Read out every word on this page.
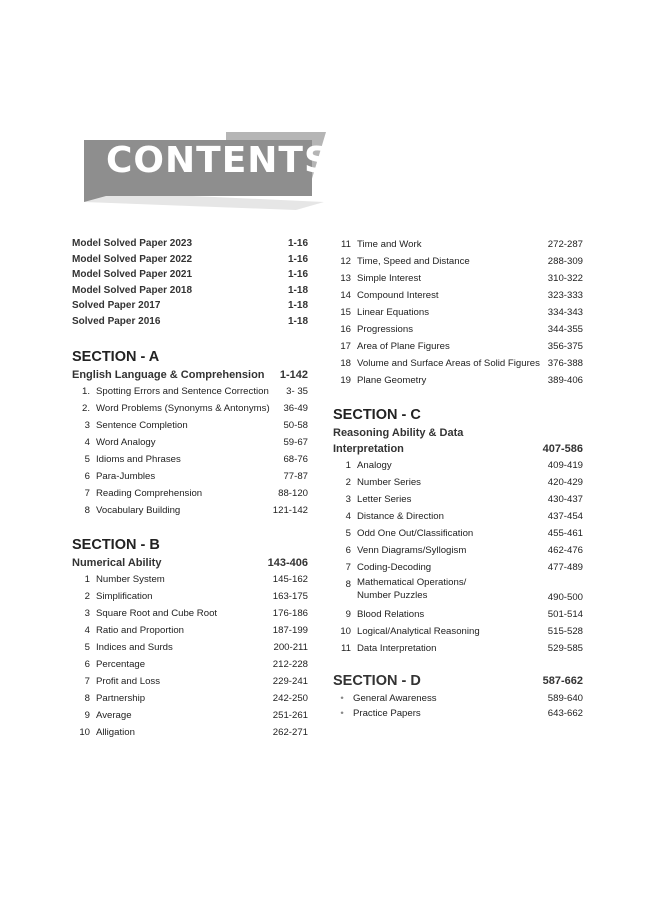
CONTENTS
Model Solved Paper 2023	1-16
Model Solved Paper 2022	1-16
Model Solved Paper 2021	1-16
Model Solved Paper 2018	1-18
Solved Paper 2017	1-18
Solved Paper 2016	1-18
SECTION - A
English Language & Comprehension 1-142
1. Spotting Errors and Sentence Correction 3- 35
2. Word Problems (Synonyms & Antonyms) 36-49
3 Sentence Completion	50-58
4 Word Analogy	59-67
5 Idioms and Phrases	68-76
6 Para-Jumbles	77-87
7 Reading Comprehension	88-120
8 Vocabulary Building	121-142
SECTION - B
Numerical Ability	143-406
1 Number System	145-162
2 Simplification	163-175
3 Square Root and Cube Root	176-186
4 Ratio and Proportion	187-199
5 Indices and Surds	200-211
6 Percentage	212-228
7 Profit and Loss	229-241
8 Partnership	242-250
9 Average	251-261
10 Alligation	262-271
11 Time and Work	272-287
12 Time, Speed and Distance	288-309
13 Simple Interest	310-322
14 Compound Interest	323-333
15 Linear Equations	334-343
16 Progressions	344-355
17 Area of Plane Figures	356-375
18 Volume and Surface Areas of Solid Figures 376-388
19 Plane Geometry	389-406
SECTION - C
Reasoning Ability & Data
Interpretation	407-586
1 Analogy	409-419
2 Number Series	420-429
3 Letter Series	430-437
4 Distance & Direction	437-454
5 Odd One Out/Classification	455-461
6 Venn Diagrams/Syllogism	462-476
7 Coding-Decoding	477-489
8 Mathematical Operations/
Number Puzzles	490-500
9 Blood Relations	501-514
10 Logical/Analytical Reasoning	515-528
11 Data Interpretation	529-585
SECTION - D	587-662
• General Awareness	589-640
• Practice Papers	643-662
